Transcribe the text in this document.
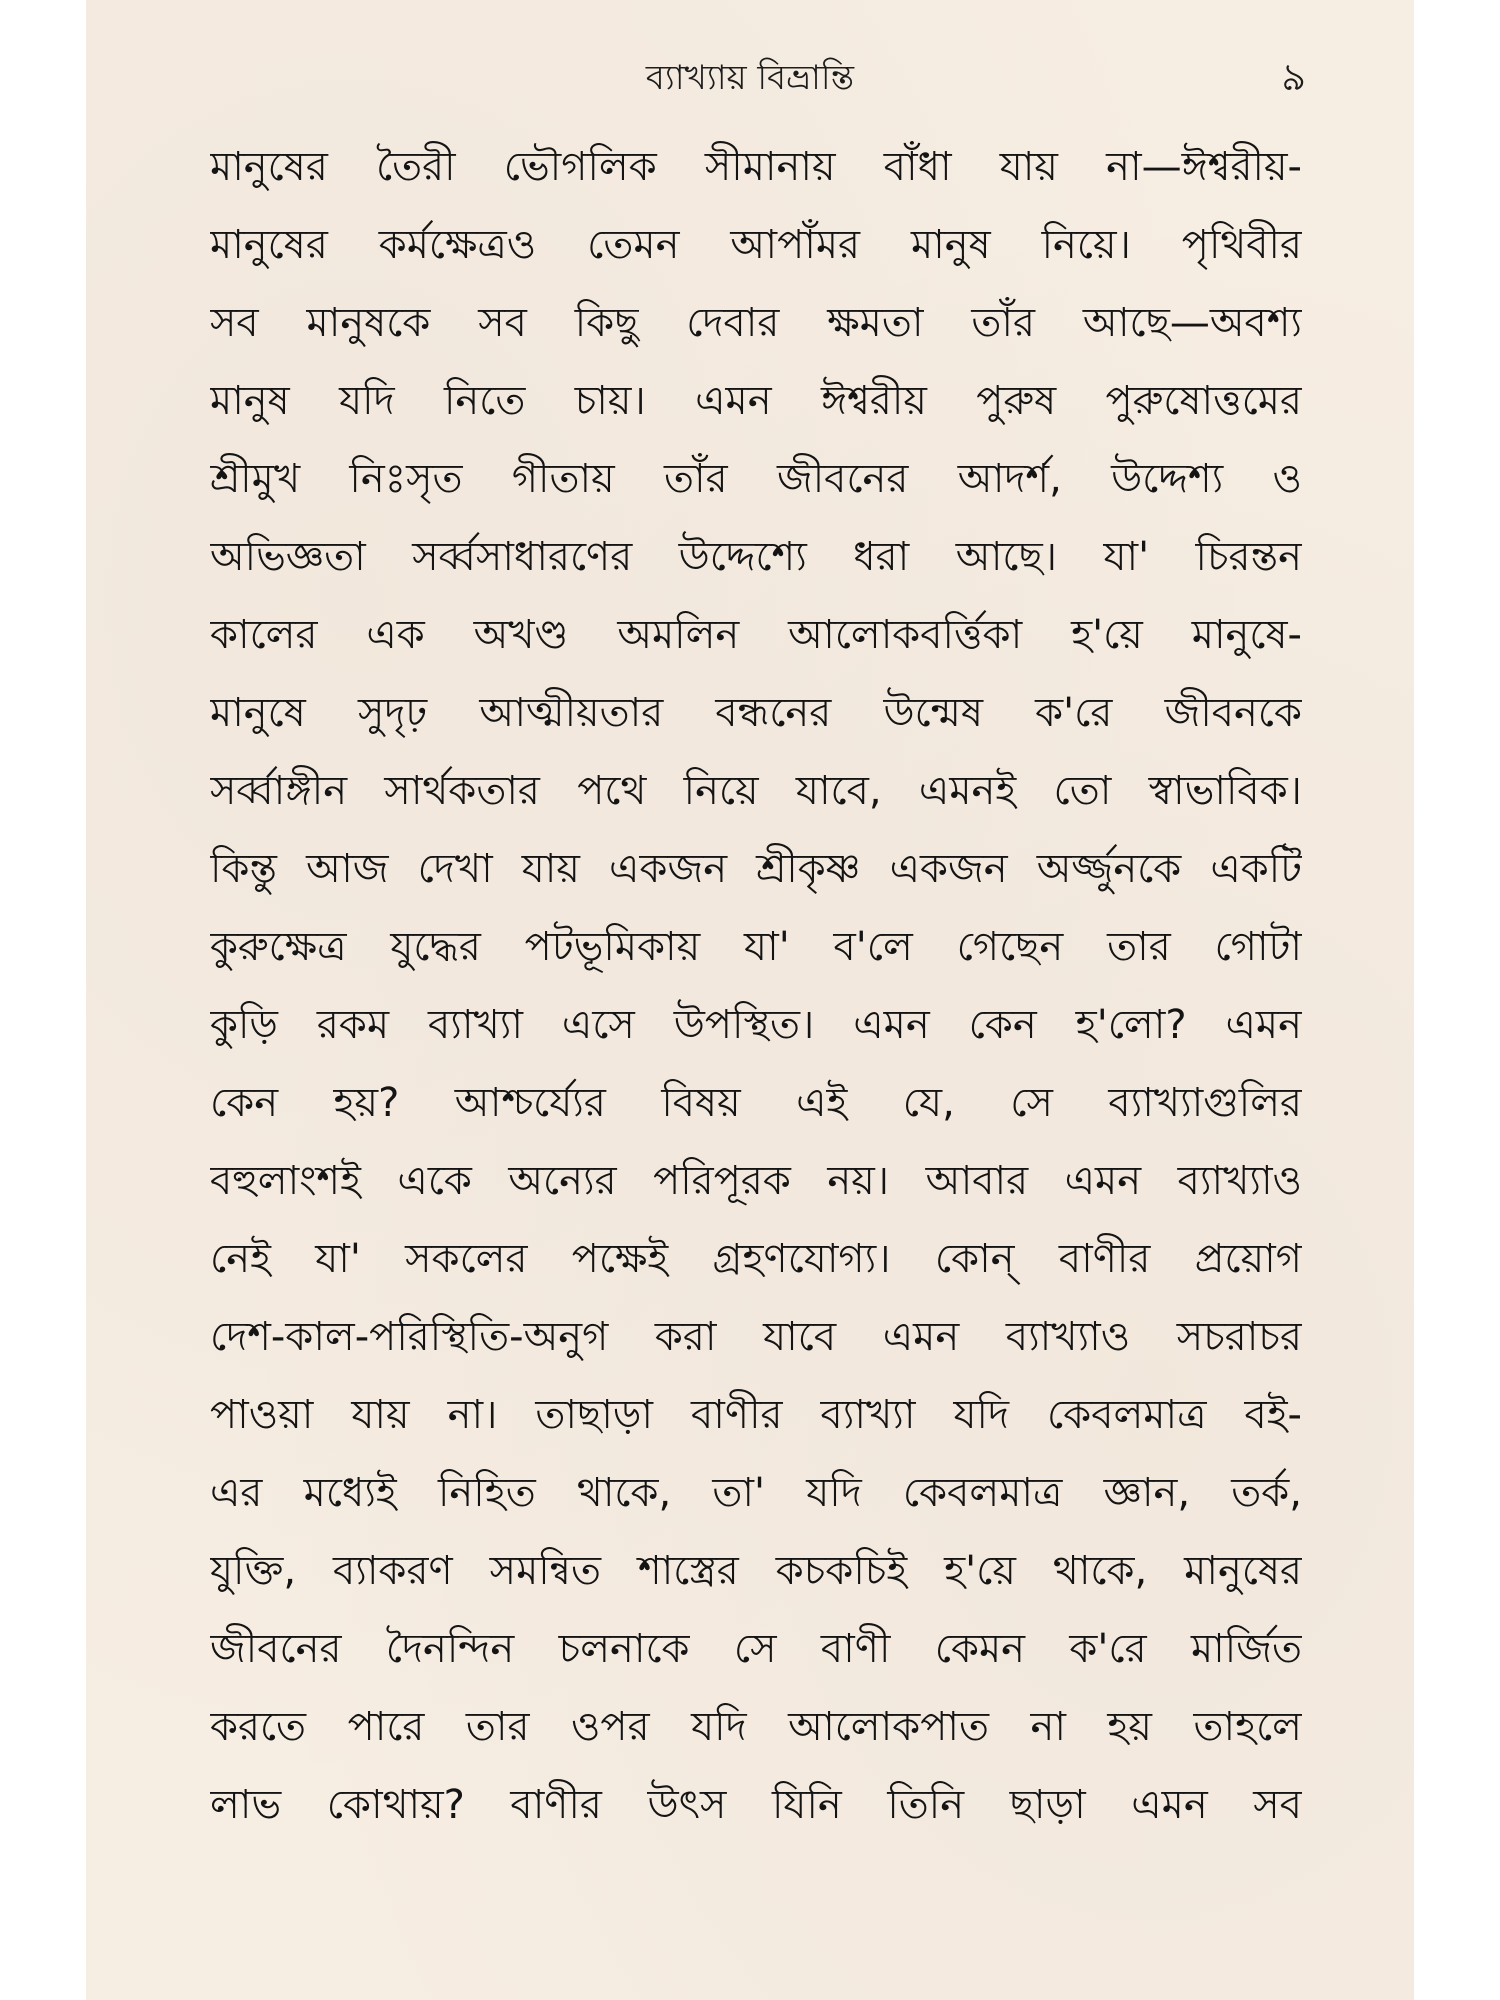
ব্যাখ্যায় বিভ্রান্তি	৯
মানুষের তৈরী ভৌগলিক সীমানায় বাঁধা যায় না—ঈশ্বরীয়-
মানুষের কর্মক্ষেত্রও তেমন আপাঁমর মানুষ নিয়ে। পৃথিবীর
সব মানুষকে সব কিছু দেবার ক্ষমতা তাঁর আছে—অবশ্য
মানুষ যদি নিতে চায়। এমন ঈশ্বরীয় পুরুষ পুরুষোত্তমের
শ্রীমুখ নিঃসৃত গীতায় তাঁর জীবনের আদর্শ, উদ্দেশ্য ও
অভিজ্ঞতা সর্ব্বসাধারণের উদ্দেশ্যে ধরা আছে। যা' চিরন্তন
কালের এক অখণ্ড অমলিন আলোকবর্ত্তিকা হ'য়ে মানুষে-
মানুষে সুদৃঢ় আত্মীয়তার বন্ধনের উন্মেষ ক'রে জীবনকে
সর্ব্বাঙ্গীন সার্থকতার পথে নিয়ে যাবে, এমনই তো স্বাভাবিক।
কিন্তু আজ দেখা যায় একজন শ্রীকৃষ্ণ একজন অর্জ্জুনকে একটি
কুরুক্ষেত্র যুদ্ধের পটভূমিকায় যা' ব'লে গেছেন তার গোটা
কুড়ি রকম ব্যাখ্যা এসে উপস্থিত। এমন কেন হ'লো? এমন
কেন হয়? আশ্চর্য্যের বিষয় এই যে, সে ব্যাখ্যাগুলির
বহুলাংশই একে অন্যের পরিপূরক নয়। আবার এমন ব্যাখ্যাও
নেই যা' সকলের পক্ষেই গ্রহণযোগ্য। কোন্ বাণীর প্রয়োগ
দেশ-কাল-পরিস্থিতি-অনুগ করা যাবে এমন ব্যাখ্যাও সচরাচর
পাওয়া যায় না। তাছাড়া বাণীর ব্যাখ্যা যদি কেবলমাত্র বই-
এর মধ্যেই নিহিত থাকে, তা' যদি কেবলমাত্র জ্ঞান, তর্ক,
যুক্তি, ব্যাকরণ সমন্বিত শাস্ত্রের কচকচিই হ'য়ে থাকে, মানুষের
জীবনের দৈনন্দিন চলনাকে সে বাণী কেমন ক'রে মার্জিত
করতে পারে তার ওপর যদি আলোকপাত না হয় তাহলে
লাভ কোথায়? বাণীর উৎস যিনি তিনি ছাড়া এমন সব
